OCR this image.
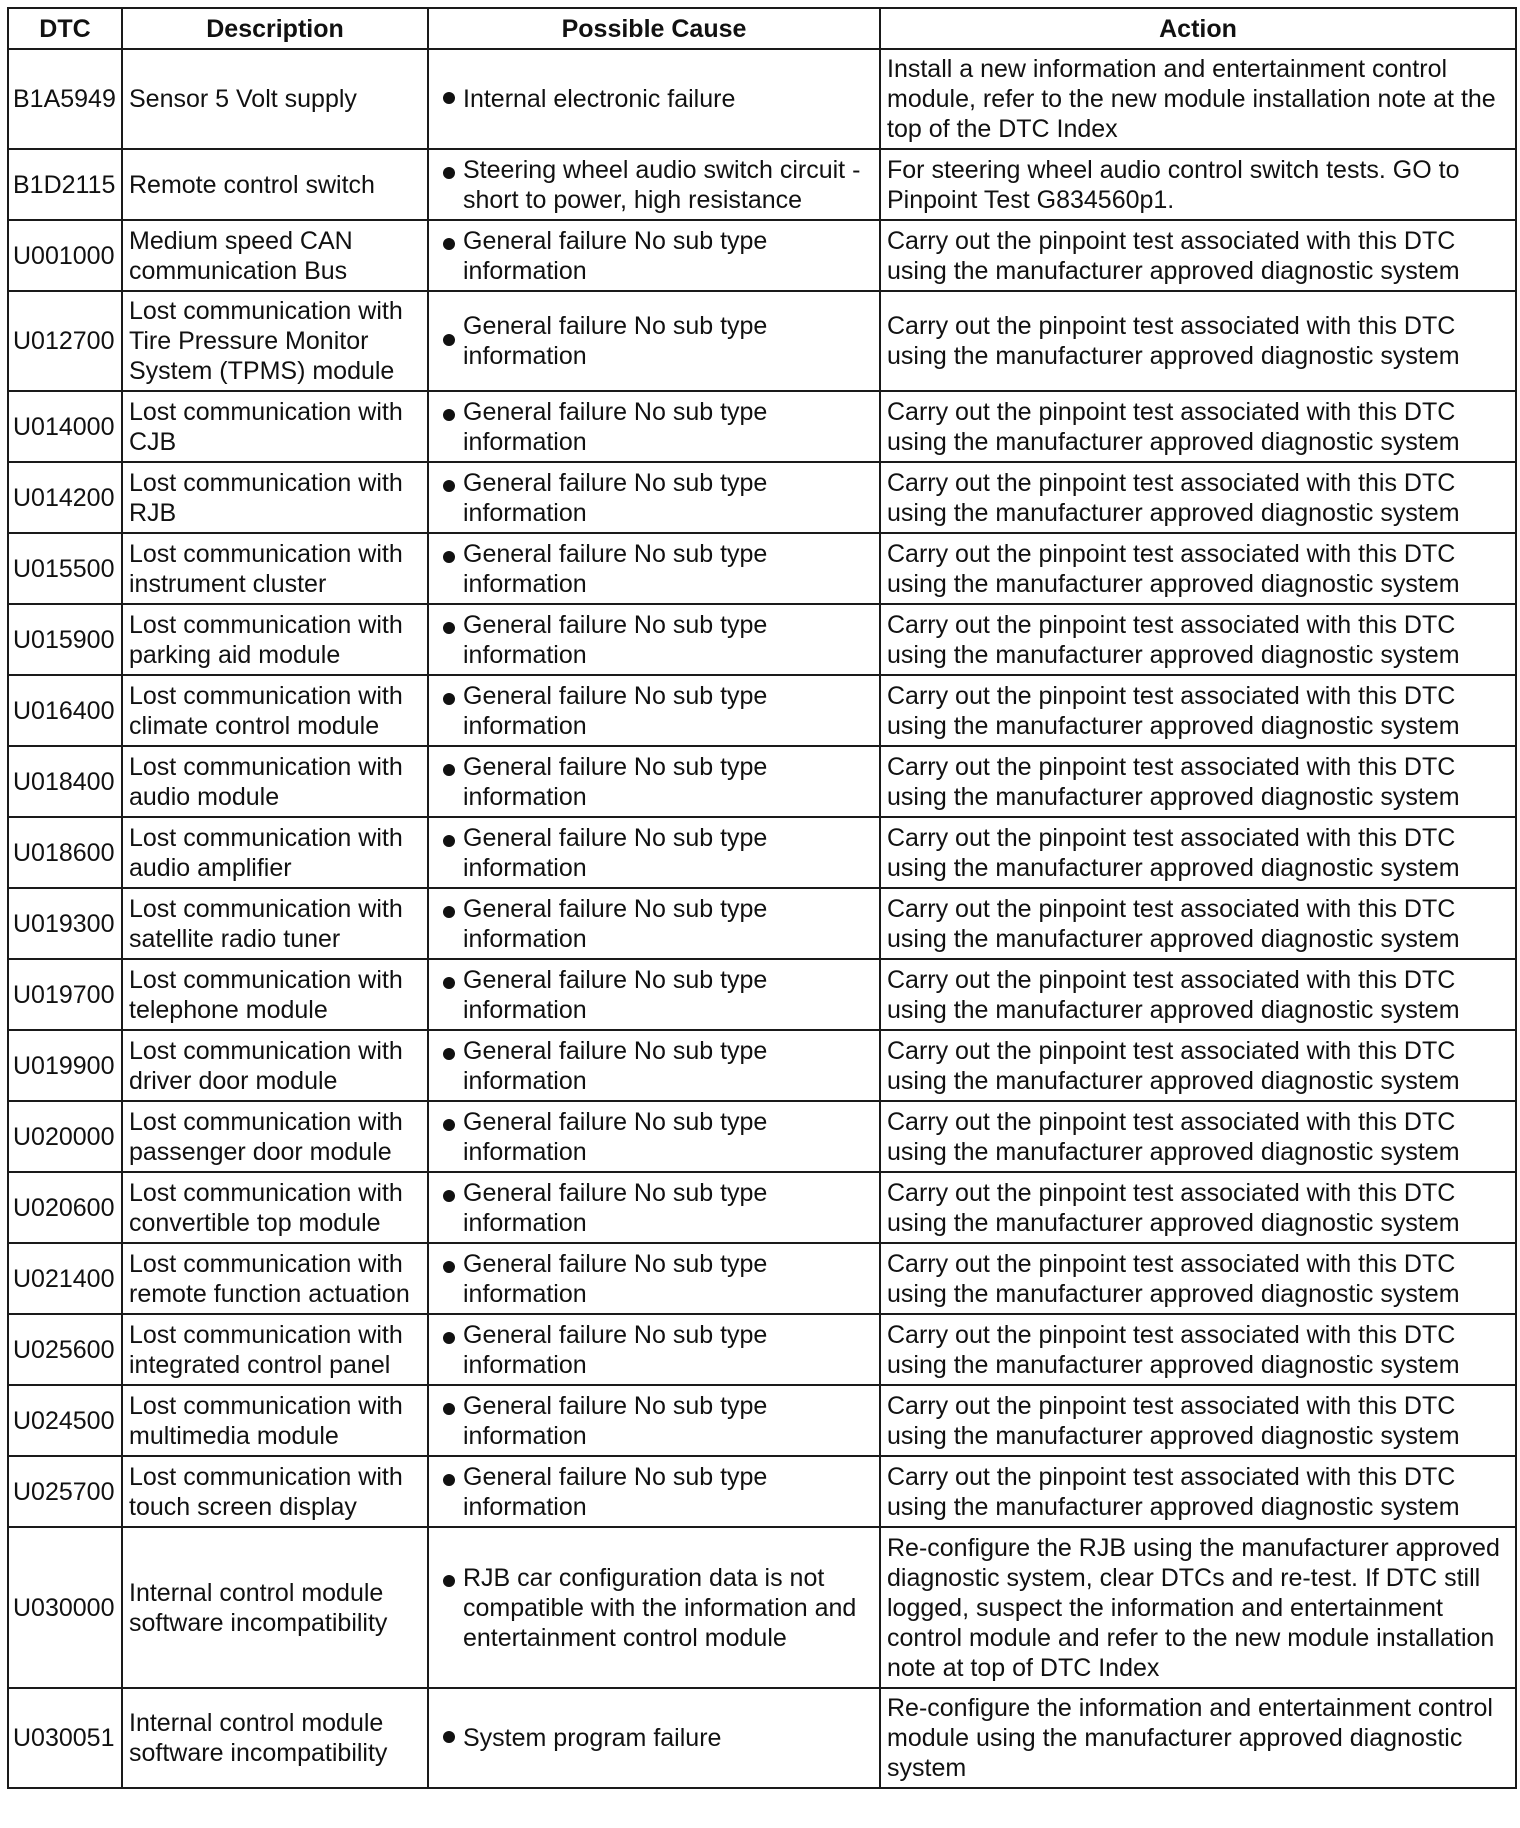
DTC	Description	Possible Cause	Action
B1A5949	Sensor 5 Volt supply	Internal electronic failure	Install a new information and entertainment control module, refer to the new module installation note at the top of the DTC Index
B1D2115	Remote control switch	Steering wheel audio switch circuit - short to power, high resistance	For steering wheel audio control switch tests. GO to Pinpoint Test G834560p1.
U001000	Medium speed CAN communication Bus	General failure No sub type information	Carry out the pinpoint test associated with this DTC using the manufacturer approved diagnostic system
U012700	Lost communication with Tire Pressure Monitor System (TPMS) module	General failure No sub type information	Carry out the pinpoint test associated with this DTC using the manufacturer approved diagnostic system
U014000	Lost communication with CJB	General failure No sub type information	Carry out the pinpoint test associated with this DTC using the manufacturer approved diagnostic system
U014200	Lost communication with RJB	General failure No sub type information	Carry out the pinpoint test associated with this DTC using the manufacturer approved diagnostic system
U015500	Lost communication with instrument cluster	General failure No sub type information	Carry out the pinpoint test associated with this DTC using the manufacturer approved diagnostic system
U015900	Lost communication with parking aid module	General failure No sub type information	Carry out the pinpoint test associated with this DTC using the manufacturer approved diagnostic system
U016400	Lost communication with climate control module	General failure No sub type information	Carry out the pinpoint test associated with this DTC using the manufacturer approved diagnostic system
U018400	Lost communication with audio module	General failure No sub type information	Carry out the pinpoint test associated with this DTC using the manufacturer approved diagnostic system
U018600	Lost communication with audio amplifier	General failure No sub type information	Carry out the pinpoint test associated with this DTC using the manufacturer approved diagnostic system
U019300	Lost communication with satellite radio tuner	General failure No sub type information	Carry out the pinpoint test associated with this DTC using the manufacturer approved diagnostic system
U019700	Lost communication with telephone module	General failure No sub type information	Carry out the pinpoint test associated with this DTC using the manufacturer approved diagnostic system
U019900	Lost communication with driver door module	General failure No sub type information	Carry out the pinpoint test associated with this DTC using the manufacturer approved diagnostic system
U020000	Lost communication with passenger door module	General failure No sub type information	Carry out the pinpoint test associated with this DTC using the manufacturer approved diagnostic system
U020600	Lost communication with convertible top module	General failure No sub type information	Carry out the pinpoint test associated with this DTC using the manufacturer approved diagnostic system
U021400	Lost communication with remote function actuation	General failure No sub type information	Carry out the pinpoint test associated with this DTC using the manufacturer approved diagnostic system
U025600	Lost communication with integrated control panel	General failure No sub type information	Carry out the pinpoint test associated with this DTC using the manufacturer approved diagnostic system
U024500	Lost communication with multimedia module	General failure No sub type information	Carry out the pinpoint test associated with this DTC using the manufacturer approved diagnostic system
U025700	Lost communication with touch screen display	General failure No sub type information	Carry out the pinpoint test associated with this DTC using the manufacturer approved diagnostic system
U030000	Internal control module software incompatibility	RJB car configuration data is not compatible with the information and entertainment control module	Re-configure the RJB using the manufacturer approved diagnostic system, clear DTCs and re-test. If DTC still logged, suspect the information and entertainment control module and refer to the new module installation note at top of DTC Index
U030051	Internal control module software incompatibility	System program failure	Re-configure the information and entertainment control module using the manufacturer approved diagnostic system
